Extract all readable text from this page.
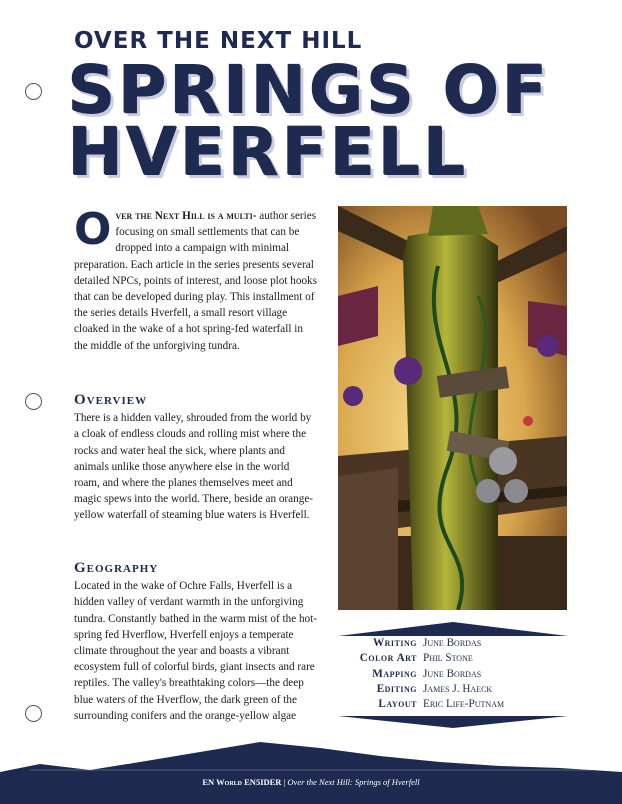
OVER THE NEXT HILL
SPRINGS OF
HVERFELL
O ver the Next Hill is a multi- author series focusing on small settlements that can be dropped into a campaign with minimal preparation. Each article in the series presents several detailed NPCs, points of interest, and loose plot hooks that can be developed during play. This installment of the series details Hverfell, a small resort village cloaked in the wake of a hot spring-fed waterfall in the middle of the unforgiving tundra.
Overview

There is a hidden valley, shrouded from the world by a cloak of endless clouds and rolling mist where the rocks and water heal the sick, where plants and animals unlike those anywhere else in the world roam, and where the planes themselves meet and magic spews into the world. There, beside an orange-yellow waterfall of steaming blue waters is Hverfell.

Geography

Located in the wake of Ochre Falls, Hverfell is a hidden valley of verdant warmth in the unforgiving tundra. Constantly bathed in the warm mist of the hot-spring fed Hverflow, Hverfell enjoys a temperate climate throughout the year and boasts a vibrant ecosystem full of colorful birds, giant insects and rare reptiles. The valley's breathtaking colors—the deep blue waters of the Hverflow, the dark green of the surrounding conifers and the orange-yellow algae

Writing June Bordas
Color Art Phil Stone
Mapping June Bordas
Editing James J. Haeck
Layout Eric Life-Putnam
EN World EN5IDER | Over the Next Hill: Springs of Hverfell
